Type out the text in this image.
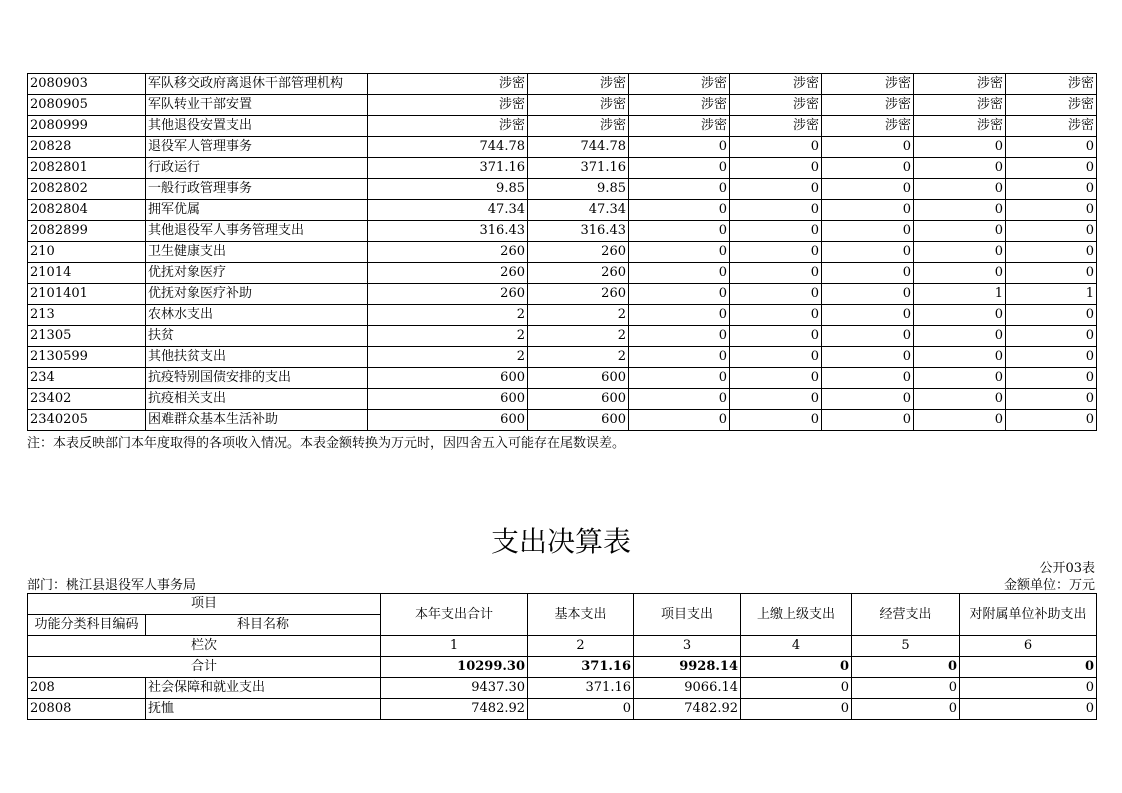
2080903	军队移交政府离退休干部管理机构	涉密	涉密	涉密	涉密	涉密	涉密	涉密
2080905	军队转业干部安置	涉密	涉密	涉密	涉密	涉密	涉密	涉密
2080999	其他退役安置支出	涉密	涉密	涉密	涉密	涉密	涉密	涉密
20828	退役军人管理事务	744.78	744.78	0	0	0	0	0
2082801	行政运行	371.16	371.16	0	0	0	0	0
2082802	一般行政管理事务	9.85	9.85	0	0	0	0	0
2082804	拥军优属	47.34	47.34	0	0	0	0	0
2082899	其他退役军人事务管理支出	316.43	316.43	0	0	0	0	0
210	卫生健康支出	260	260	0	0	0	0	0
21014	优抚对象医疗	260	260	0	0	0	0	0
2101401	优抚对象医疗补助	260	260	0	0	0	1	1
213	农林水支出	2	2	0	0	0	0	0
21305	扶贫	2	2	0	0	0	0	0
2130599	其他扶贫支出	2	2	0	0	0	0	0
234	抗疫特别国债安排的支出	600	600	0	0	0	0	0
23402	抗疫相关支出	600	600	0	0	0	0	0
2340205	困难群众基本生活补助	600	600	0	0	0	0	0
注：本表反映部门本年度取得的各项收入情况。本表金额转换为万元时，因四舍五入可能存在尾数误差。
支出决算表
公开03表
部门：桃江县退役军人事务局	金额单位：万元
项目		本年支出合计	基本支出	项目支出	上缴上级支出	经营支出	对附属单位补助支出
功能分类科目编码	科目名称						
栏次		1	2	3	4	5	6
合计		10299.30	371.16	9928.14	0	0	0
208	社会保障和就业支出	9437.30	371.16	9066.14	0	0	0
20808	抚恤	7482.92	0	7482.92	0	0	0
